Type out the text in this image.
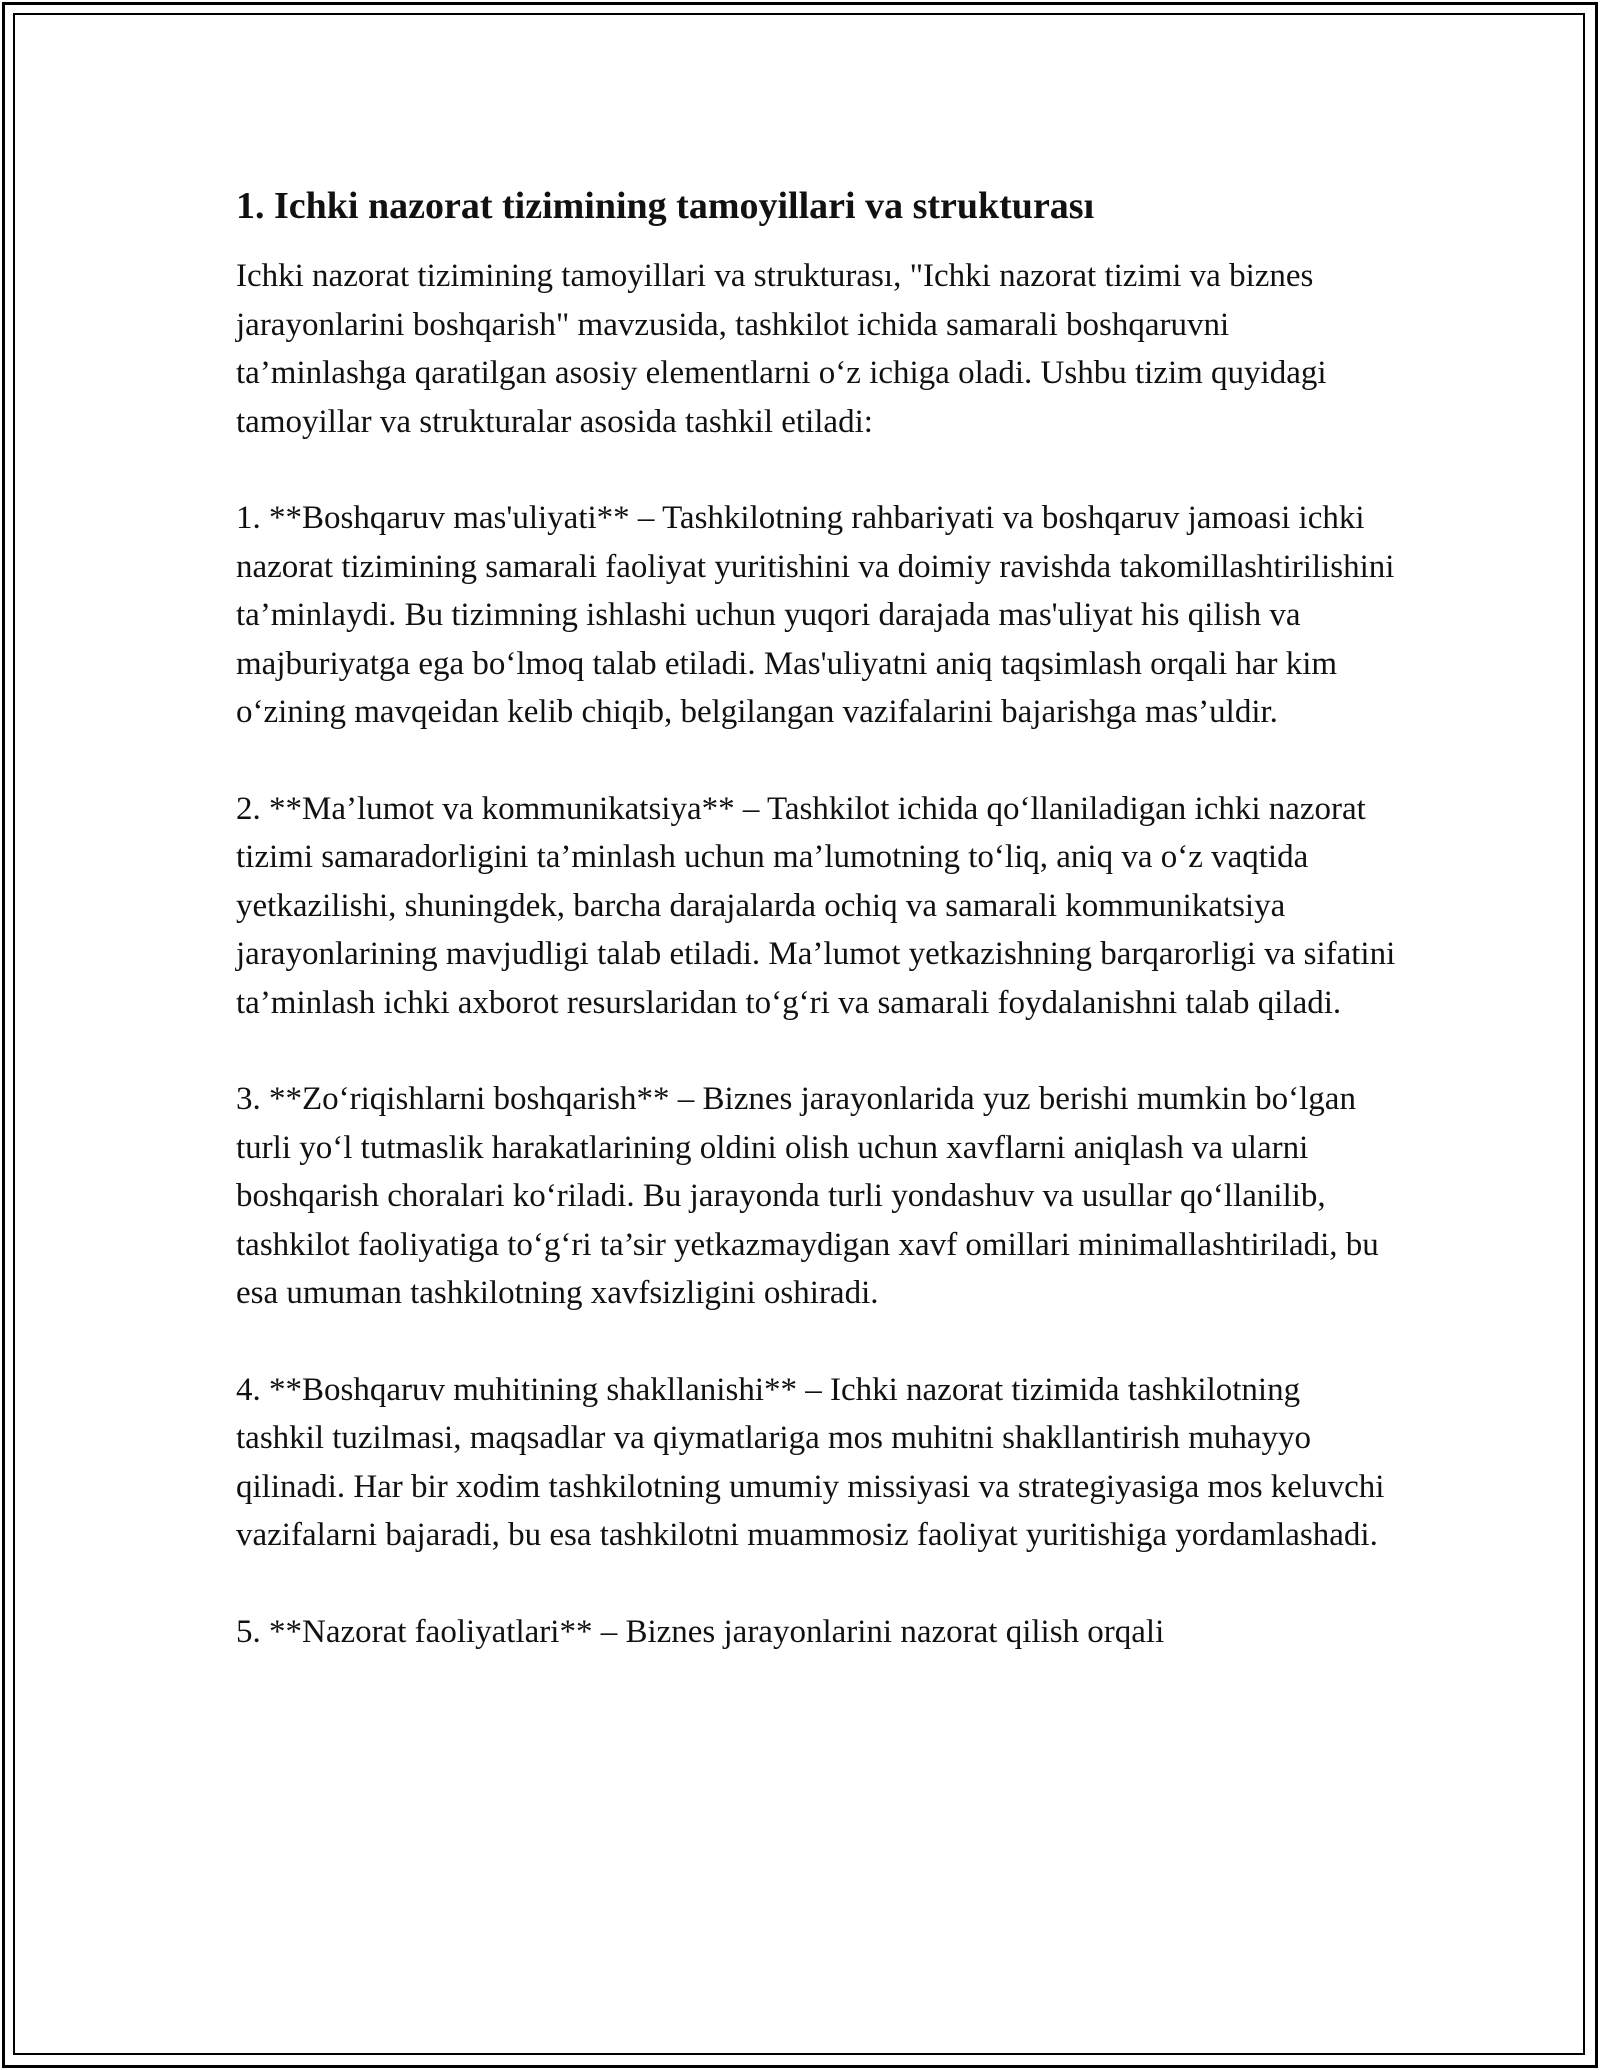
1. Ichki nazorat tizimining tamoyillari va strukturası

Ichki nazorat tizimining tamoyillari va strukturası, "Ichki nazorat tizimi va biznes jarayonlarini boshqarish" mavzusida, tashkilot ichida samarali boshqaruvni ta’minlashga qaratilgan asosiy elementlarni o‘z ichiga oladi. Ushbu tizim quyidagi tamoyillar va strukturalar asosida tashkil etiladi:

1. **Boshqaruv mas'uliyati** – Tashkilotning rahbariyati va boshqaruv jamoasi ichki nazorat tizimining samarali faoliyat yuritishini va doimiy ravishda takomillashtirilishini ta’minlaydi. Bu tizimning ishlashi uchun yuqori darajada mas'uliyat his qilish va majburiyatga ega bo‘lmoq talab etiladi. Mas'uliyatni aniq taqsimlash orqali har kim o‘zining mavqeidan kelib chiqib, belgilangan vazifalarini bajarishga mas’uldir.

2. **Ma’lumot va kommunikatsiya** – Tashkilot ichida qo‘llaniladigan ichki nazorat tizimi samaradorligini ta’minlash uchun ma’lumotning to‘liq, aniq va o‘z vaqtida yetkazilishi, shuningdek, barcha darajalarda ochiq va samarali kommunikatsiya jarayonlarining mavjudligi talab etiladi. Ma’lumot yetkazishning barqarorligi va sifatini ta’minlash ichki axborot resurslaridan to‘g‘ri va samarali foydalanishni talab qiladi.

3. **Zo‘riqishlarni boshqarish** – Biznes jarayonlarida yuz berishi mumkin bo‘lgan turli yo‘l tutmaslik harakatlarining oldini olish uchun xavflarni aniqlash va ularni boshqarish choralari ko‘riladi. Bu jarayonda turli yondashuv va usullar qo‘llanilib, tashkilot faoliyatiga to‘g‘ri ta’sir yetkazmaydigan xavf omillari minimallashtiriladi, bu esa umuman tashkilotning xavfsizligini oshiradi.

4. **Boshqaruv muhitining shakllanishi** – Ichki nazorat tizimida tashkilotning tashkil tuzilmasi, maqsadlar va qiymatlariga mos muhitni shakllantirish muhayyo qilinadi. Har bir xodim tashkilotning umumiy missiyasi va strategiyasiga mos keluvchi vazifalarni bajaradi, bu esa tashkilotni muammosiz faoliyat yuritishiga yordamlashadi.

5. **Nazorat faoliyatlari** – Biznes jarayonlarini nazorat qilish orqali
